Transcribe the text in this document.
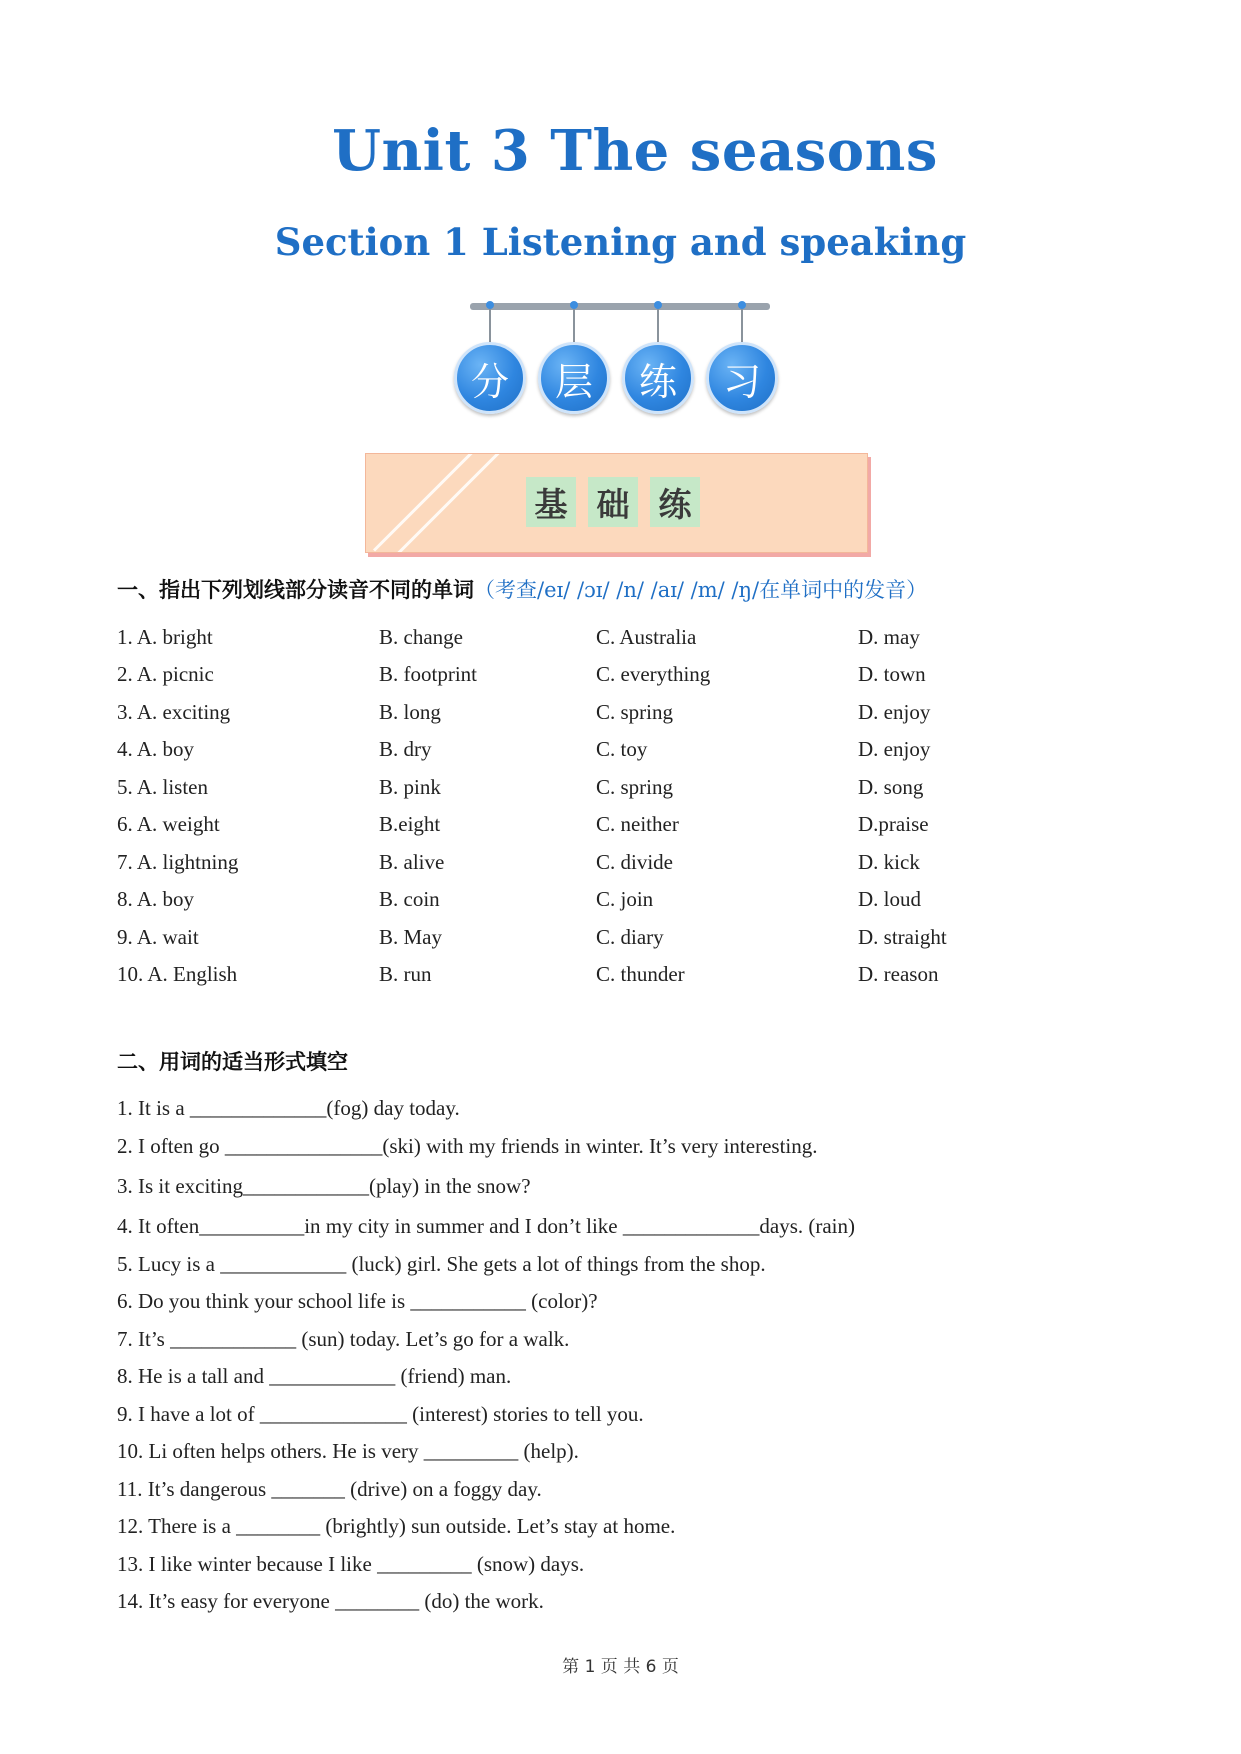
Unit 3 The seasons
Section 1 Listening and speaking
分	层	练	习
基 础 练
一、指出下列划线部分读音不同的单词（考查/eɪ/ /ɔɪ/ /n/ /aɪ/ /m/ /ŋ/在单词中的发音）
1. A. bright	B. change	C. Australia	D. may
2. A. picnic	B. footprint	C. everything	D. town
3. A. exciting	B. long	C. spring	D. enjoy
4. A. boy	B. dry	C. toy	D. enjoy
5. A. listen	B. pink	C. spring	D. song
6. A. weight	B.eight	C. neither	D.praise
7. A. lightning	B. alive	C. divide	D. kick
8. A. boy	B. coin	C. join	D. loud
9. A. wait	B. May	C. diary	D. straight
10. A. English	B. run	C. thunder	D. reason
二、用词的适当形式填空
1. It is a _____________(fog) day today.
2. I often go _______________(ski) with my friends in winter. It’s very interesting.
3. Is it exciting____________(play) in the snow?
4. It often__________in my city in summer and I don’t like _____________days. (rain)
5. Lucy is a ____________ (luck) girl. She gets a lot of things from the shop.
6. Do you think your school life is ___________ (color)?
7. It’s ____________ (sun) today. Let’s go for a walk.
8. He is a tall and ____________ (friend) man.
9. I have a lot of ______________ (interest) stories to tell you.
10. Li often helps others. He is very _________ (help).
11. It’s dangerous _______ (drive) on a foggy day.
12. There is a ________ (brightly) sun outside. Let’s stay at home.
13. I like winter because I like _________ (snow) days.
14. It’s easy for everyone ________ (do) the work.
第 1 页 共 6 页
